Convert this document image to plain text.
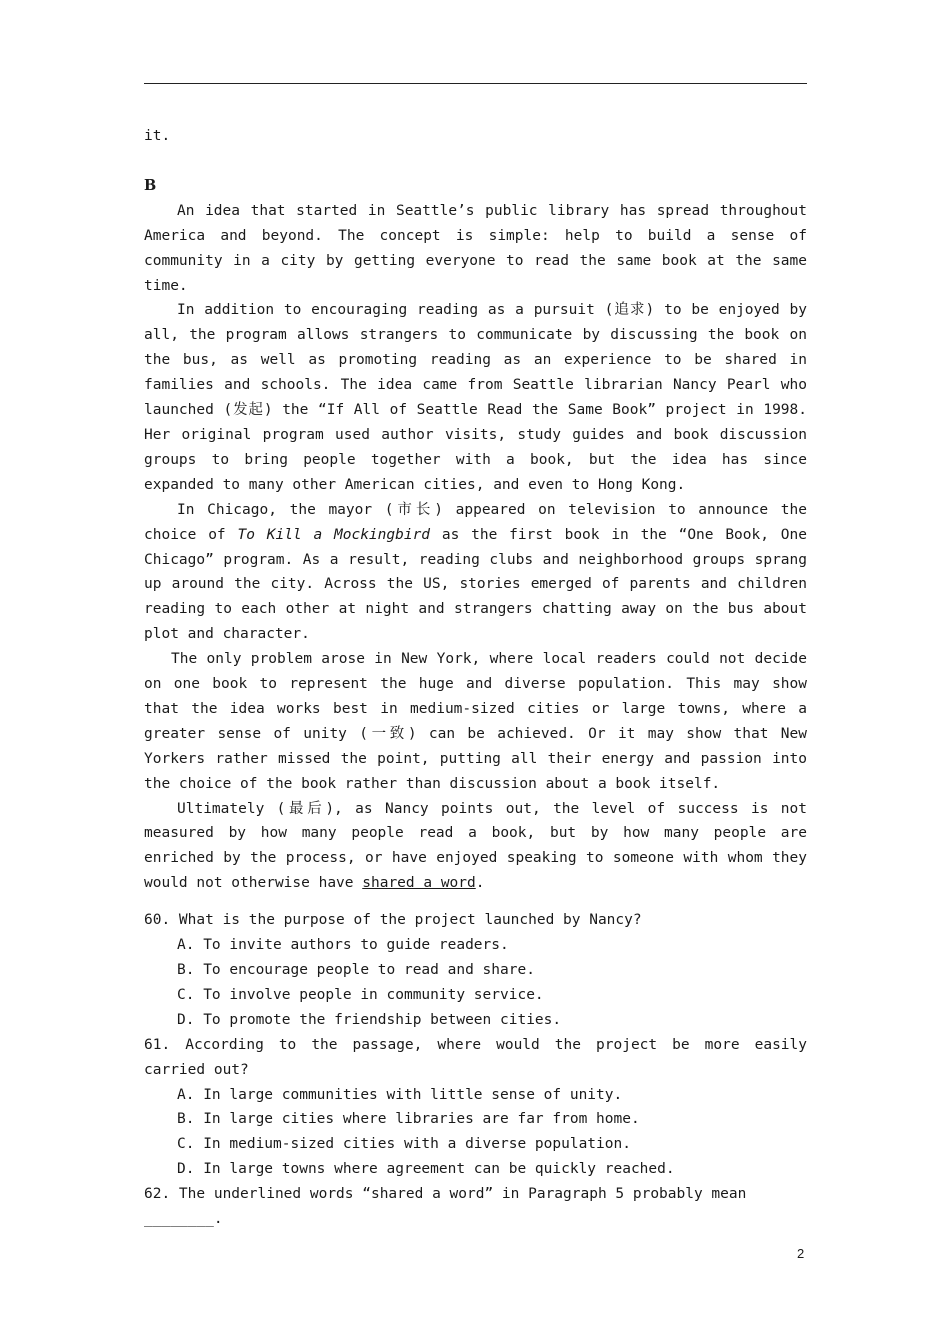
it.

B

An idea that started in Seattle’s public library has spread throughout America and beyond. The concept is simple: help to build a sense of community in a city by getting everyone to read the same book at the same time.

In addition to encouraging reading as a pursuit (追求) to be enjoyed by all, the program allows strangers to communicate by discussing the book on the bus, as well as promoting reading as an experience to be shared in families and schools. The idea came from Seattle librarian Nancy Pearl who launched (发起) the “If All of Seattle Read the Same Book” project in 1998. Her original program used author visits, study guides and book discussion groups to bring people together with a book, but the idea has since expanded to many other American cities, and even to Hong Kong.

In Chicago, the mayor (市长) appeared on television to announce the choice of To Kill a Mockingbird as the first book in the “One Book, One Chicago” program. As a result, reading clubs and neighborhood groups sprang up around the city. Across the US, stories emerged of parents and children reading to each other at night and strangers chatting away on the bus about plot and character.

The only problem arose in New York, where local readers could not decide on one book to represent the huge and diverse population. This may show that the idea works best in medium-sized cities or large towns, where a greater sense of unity (一致) can be achieved. Or it may show that New Yorkers rather missed the point, putting all their energy and passion into the choice of the book rather than discussion about a book itself.

Ultimately (最后), as Nancy points out, the level of success is not measured by how many people read a book, but by how many people are enriched by the process, or have enjoyed speaking to someone with whom they would not otherwise have shared a word.

60. What is the purpose of the project launched by Nancy?

A. To invite authors to guide readers.

B. To encourage people to read and share.

C. To involve people in community service.

D. To promote the friendship between cities.

61. According to the passage, where would the project be more easily carried out?

A. In large communities with little sense of unity.

B. In large cities where libraries are far from home.

C. In medium-sized cities with a diverse population.

D. In large towns where agreement can be quickly reached.

62. The underlined words “shared a word” in Paragraph 5 probably mean

________.

2
